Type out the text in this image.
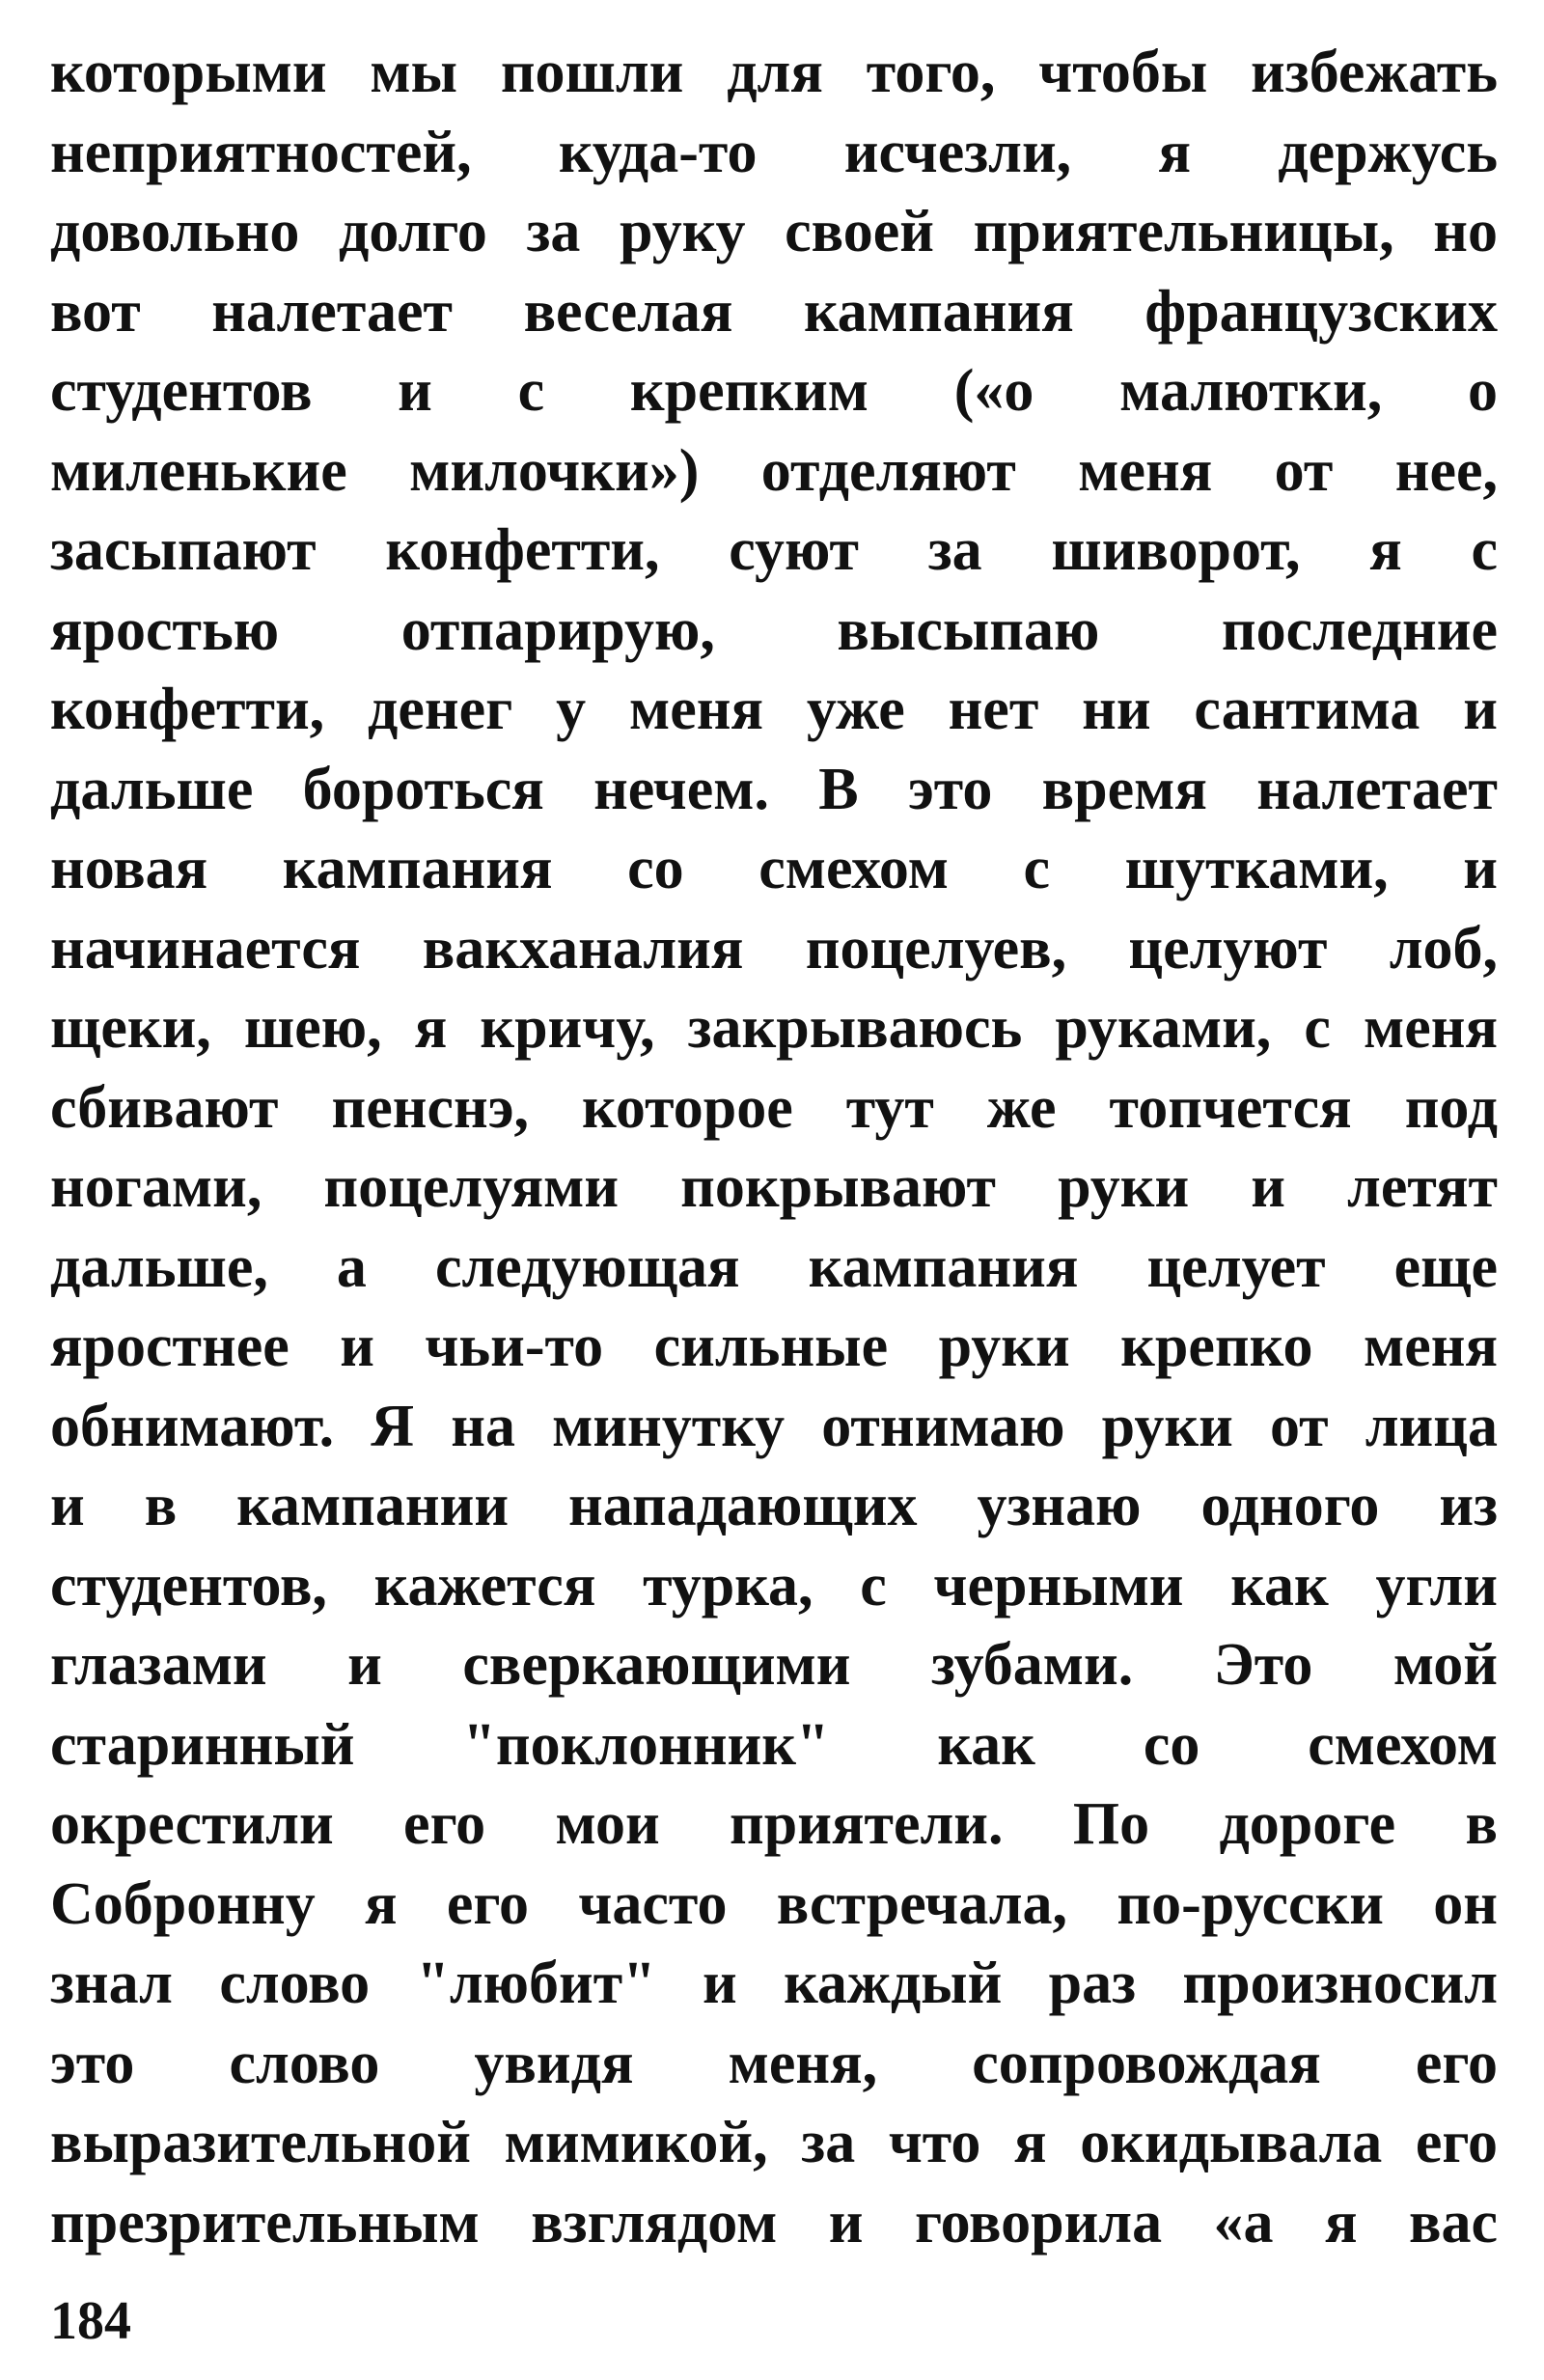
которыми мы пошли для того, чтобы избежать
неприятностей, куда-то исчезли, я держусь
довольно долго за руку своей приятельницы, но
вот налетает веселая кампания французских
студентов и с крепким («о малютки, о
миленькие милочки») отделяют меня от нее,
засыпают конфетти, суют за шиворот, я с
яростью отпарирую, высыпаю последние
конфетти, денег у меня уже нет ни сантима и
дальше бороться нечем. В это время налетает
новая кампания со смехом с шутками, и
начинается вакханалия поцелуев, целуют лоб,
щеки, шею, я кричу, закрываюсь руками, с меня
сбивают пенснэ, которое тут же топчется под
ногами, поцелуями покрывают руки и летят
дальше, а следующая кампания целует еще
яростнее и чьи-то сильные руки крепко меня
обнимают. Я на минутку отнимаю руки от лица
и в кампании нападающих узнаю одного из
студентов, кажется турка, с черными как угли
глазами и сверкающими зубами. Это мой
старинный "поклонник" как со смехом
окрестили его мои приятели. По дороге в
Собронну я его часто встречала, по-русски он
знал слово "любит" и каждый раз произносил
это слово увидя меня, сопровождая его
выразительной мимикой, за что я окидывала его
презрительным взглядом и говорила «а я вас
184
